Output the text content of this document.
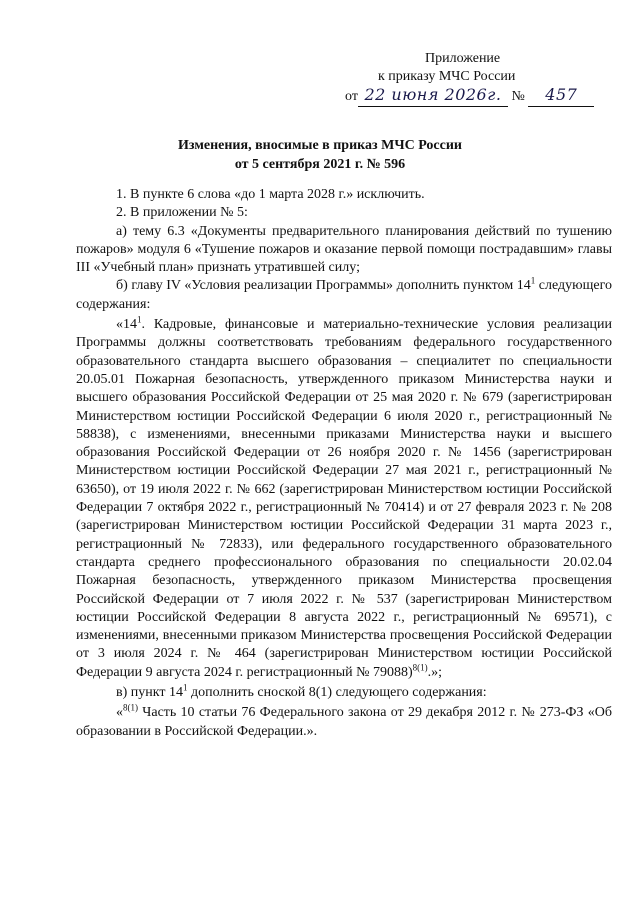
Приложение
к приказу МЧС России
от 22 июня 2026г. № 457
Изменения, вносимые в приказ МЧС России
от 5 сентября 2021 г. № 596

1. В пункте 6 слова «до 1 марта 2028 г.» исключить.

2. В приложении № 5:

а) тему 6.3 «Документы предварительного планирования действий по тушению пожаров» модуля 6 «Тушение пожаров и оказание первой помощи пострадавшим» главы III «Учебный план» признать утратившей силу;

б) главу IV «Условия реализации Программы» дополнить пунктом $14^1$ следующего содержания:

«$14^1$. Кадровые, финансовые и материально-технические условия реализации Программы должны соответствовать требованиям федерального государственного образовательного стандарта высшего образования – специалитет по специальности 20.05.01 Пожарная безопасность, утвержденного приказом Министерства науки и высшего образования Российской Федерации от 25 мая 2020 г. № 679 (зарегистрирован Министерством юстиции Российской Федерации 6 июля 2020 г., регистрационный № 58838), с изменениями, внесенными приказами Министерства науки и высшего образования Российской Федерации от 26 ноября 2020 г. № 1456 (зарегистрирован Министерством юстиции Российской Федерации 27 мая 2021 г., регистрационный № 63650), от 19 июля 2022 г. № 662 (зарегистрирован Министерством юстиции Российской Федерации 7 октября 2022 г., регистрационный № 70414) и от 27 февраля 2023 г. № 208 (зарегистрирован Министерством юстиции Российской Федерации 31 марта 2023 г., регистрационный № 72833), или федерального государственного образовательного стандарта среднего профессионального образования по специальности 20.02.04 Пожарная безопасность, утвержденного приказом Министерства просвещения Российской Федерации от 7 июля 2022 г. № 537 (зарегистрирован Министерством юстиции Российской Федерации 8 августа 2022 г., регистрационный № 69571), с изменениями, внесенными приказом Министерства просвещения Российской Федерации от 3 июля 2024 г. № 464 (зарегистрирован Министерством юстиции Российской Федерации 9 августа 2024 г. регистрационный № 79088)$^{8(1)}$.»;

в) пункт $14^1$ дополнить сноской 8(1) следующего содержания:

«$^{8(1)}$ Часть 10 статьи 76 Федерального закона от 29 декабря 2012 г. № 273-ФЗ «Об образовании в Российской Федерации.».
